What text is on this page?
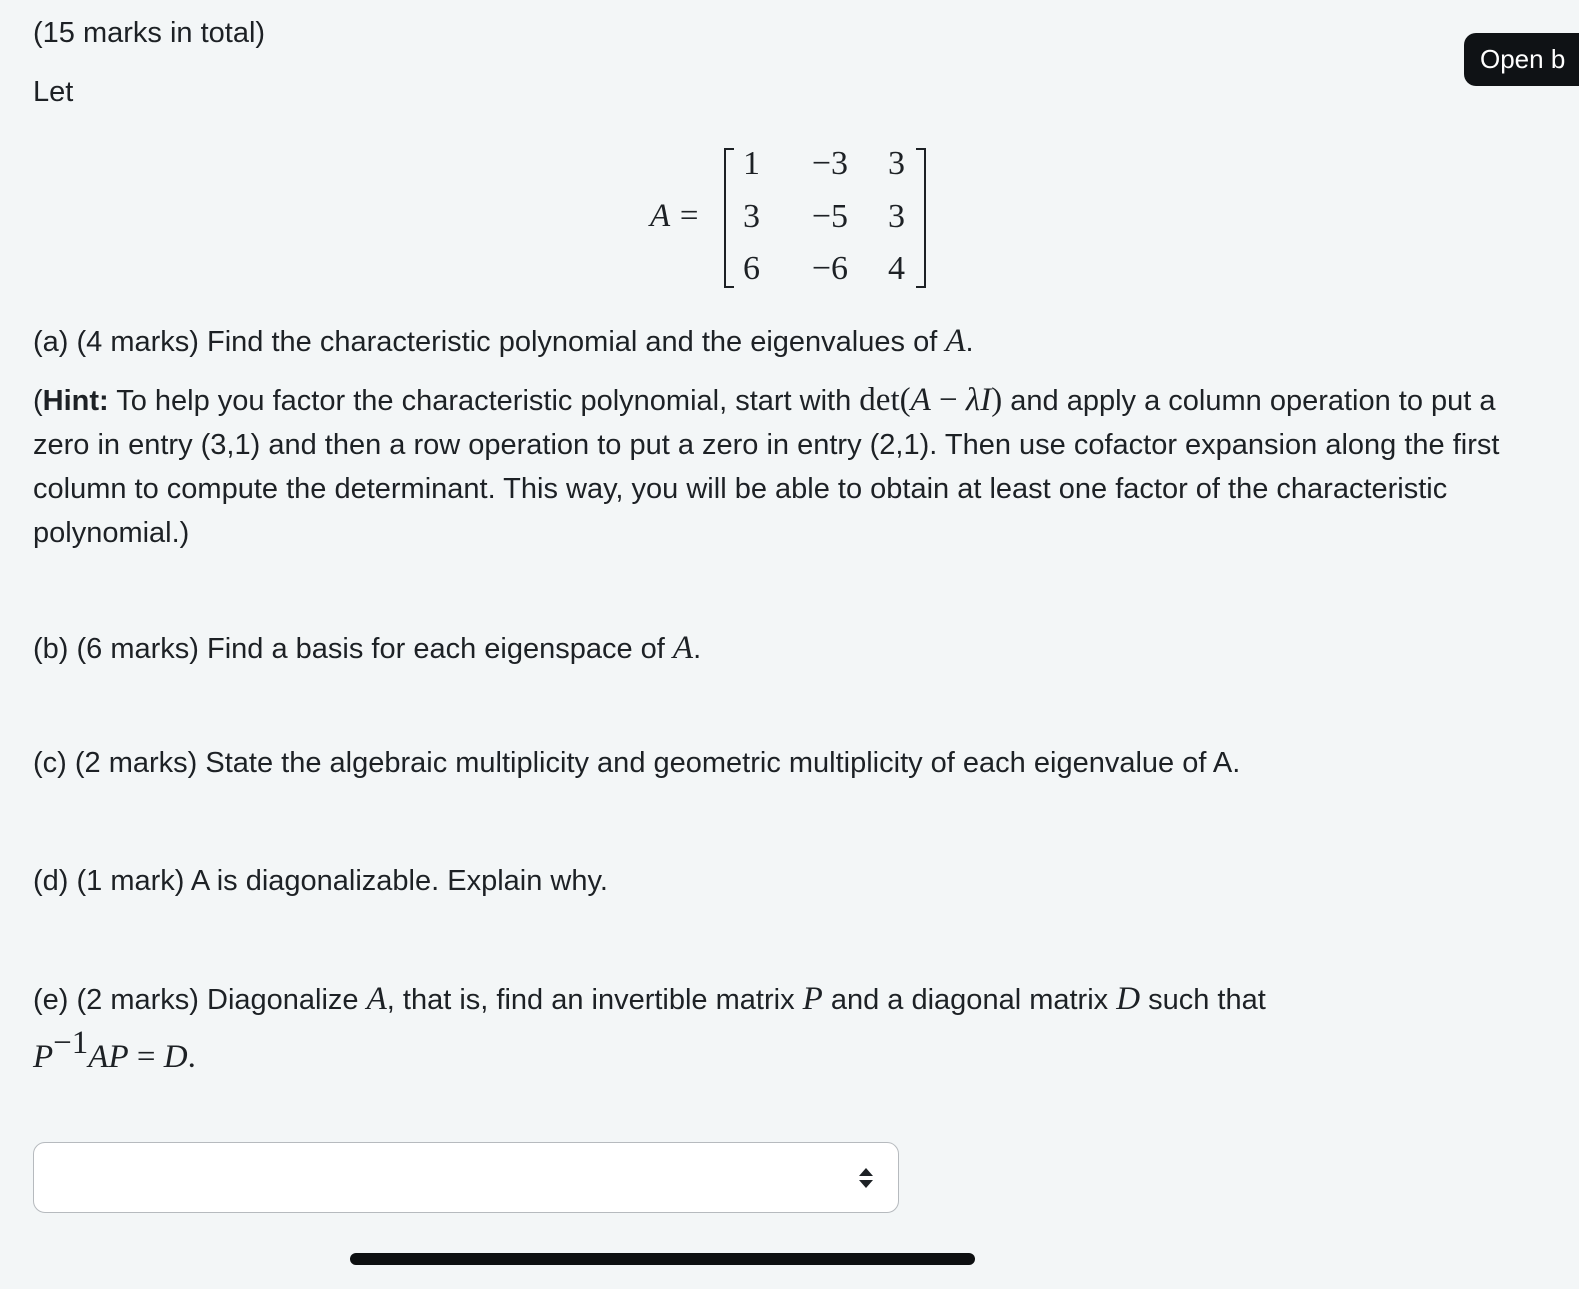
(15 marks in total)
Open b
Let
A =
1	−3	3
3	−5	3
6	−6	4
(a) (4 marks) Find the characteristic polynomial and the eigenvalues of A.
(Hint: To help you factor the characteristic polynomial, start with det(A − λI) and apply a column operation to put a zero in entry (3,1) and then a row operation to put a zero in entry (2,1). Then use cofactor expansion along the first column to compute the determinant. This way, you will be able to obtain at least one factor of the characteristic polynomial.)
(b) (6 marks) Find a basis for each eigenspace of A.
(c) (2 marks) State the algebraic multiplicity and geometric multiplicity of each eigenvalue of A.
(d) (1 mark) A is diagonalizable. Explain why.
(e) (2 marks) Diagonalize A, that is, find an invertible matrix P and a diagonal matrix D such that
$P^{-1}AP = D$.
